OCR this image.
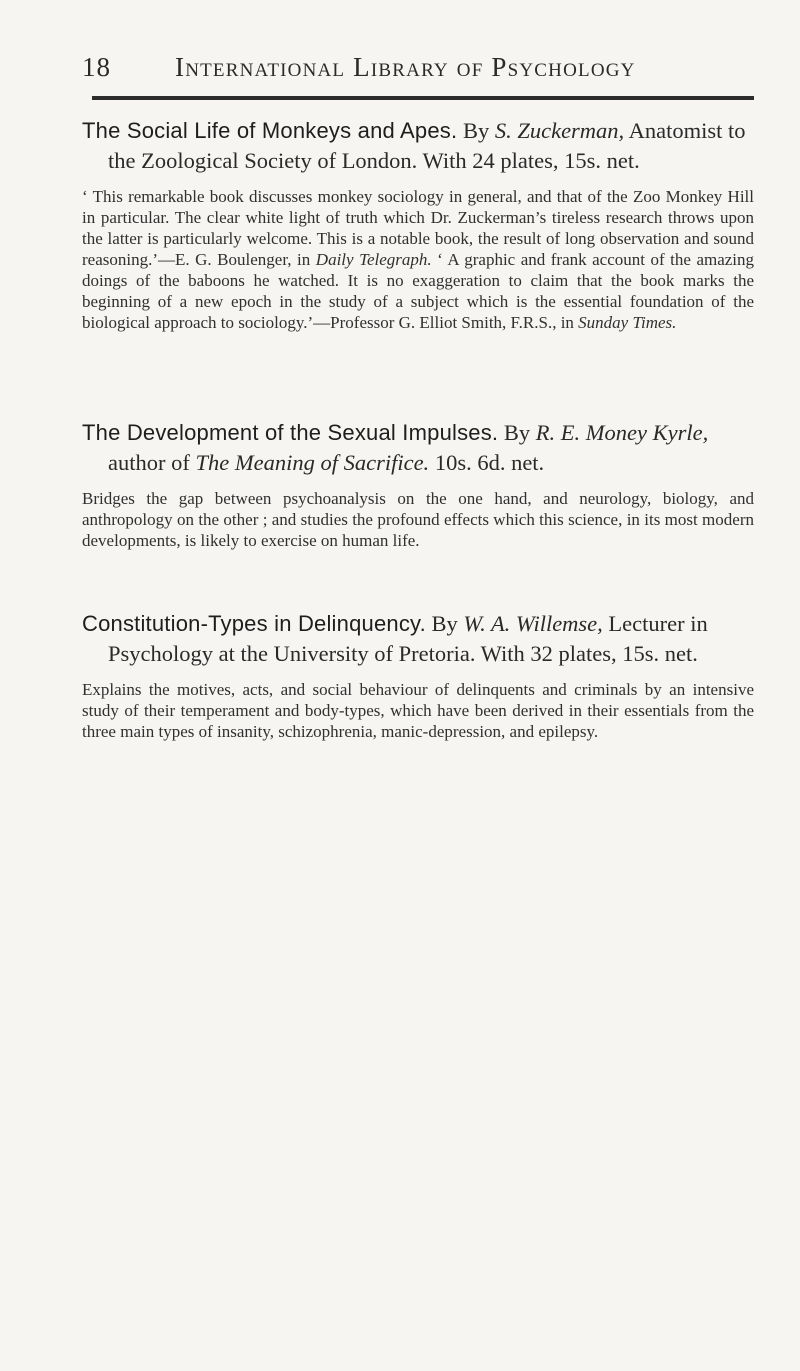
18 International Library of Psychology

The Social Life of Monkeys and Apes. By S. Zuckerman, Anatomist to the Zoological Society of London. With 24 plates, 15s. net.

‘ This remarkable book discusses monkey sociology in general, and that of the Zoo Monkey Hill in particular. The clear white light of truth which Dr. Zuckerman’s tireless research throws upon the latter is particularly welcome. This is a notable book, the result of long observation and sound reasoning.’—E. G. Boulenger, in Daily Telegraph. ‘ A graphic and frank account of the amazing doings of the baboons he watched. It is no exaggeration to claim that the book marks the beginning of a new epoch in the study of a subject which is the essential foundation of the biological approach to sociology.’—Professor G. Elliot Smith, F.R.S., in Sunday Times.

The Development of the Sexual Impulses. By R. E. Money Kyrle, author of The Meaning of Sacrifice. 10s. 6d. net.

Bridges the gap between psychoanalysis on the one hand, and neurology, biology, and anthropology on the other ; and studies the profound effects which this science, in its most modern developments, is likely to exercise on human life.

Constitution-Types in Delinquency. By W. A. Willemse, Lecturer in Psychology at the University of Pretoria. With 32 plates, 15s. net.

Explains the motives, acts, and social behaviour of delinquents and criminals by an intensive study of their temperament and body-types, which have been derived in their essentials from the three main types of insanity, schizophrenia, manic-depression, and epilepsy.
